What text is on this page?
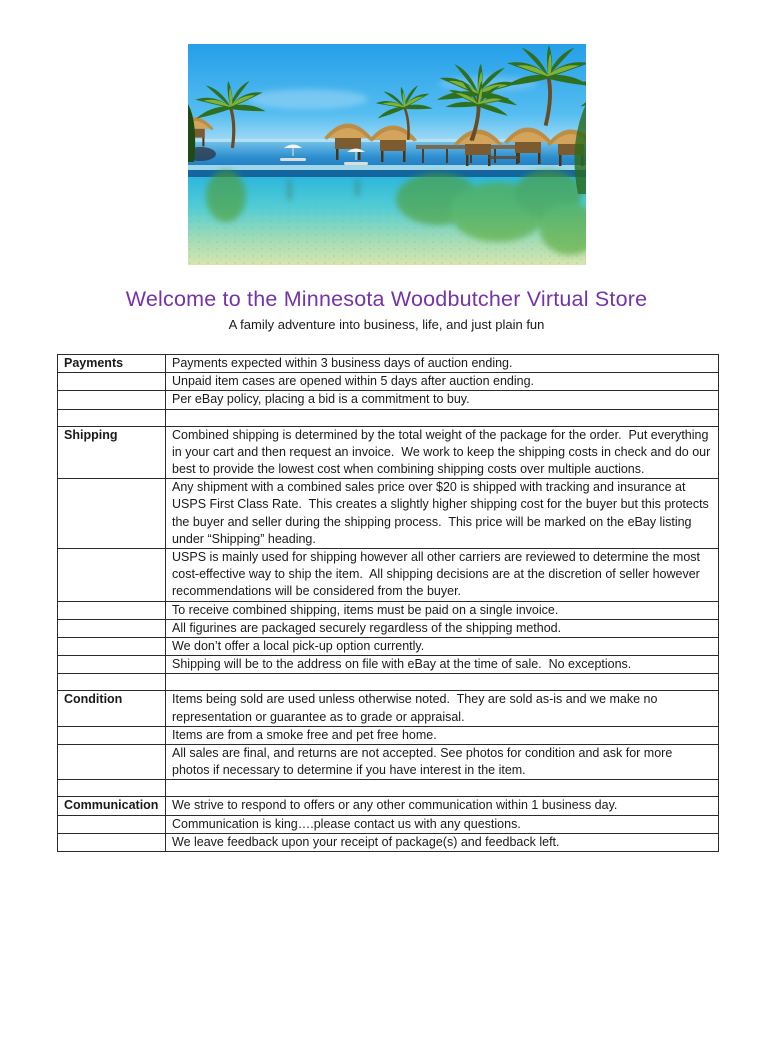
Welcome to the Minnesota Woodbutcher Virtual Store

A family adventure into business, life, and just plain fun

Payments	Payments expected within 3 business days of auction ending.
	Unpaid item cases are opened within 5 days after auction ending.
	Per eBay policy, placing a bid is a commitment to buy.

Shipping	Combined shipping is determined by the total weight of the package for the order.  Put everything in your cart and then request an invoice.  We work to keep the shipping costs in check and do our best to provide the lowest cost when combining shipping costs over multiple auctions.
	Any shipment with a combined sales price over $20 is shipped with tracking and insurance at USPS First Class Rate.  This creates a slightly higher shipping cost for the buyer but this protects the buyer and seller during the shipping process.  This price will be marked on the eBay listing under “Shipping” heading.
	USPS is mainly used for shipping however all other carriers are reviewed to determine the most cost-effective way to ship the item.  All shipping decisions are at the discretion of seller however recommendations will be considered from the buyer.
	To receive combined shipping, items must be paid on a single invoice.
	All figurines are packaged securely regardless of the shipping method.
	We don’t offer a local pick-up option currently.
	Shipping will be to the address on file with eBay at the time of sale.  No exceptions.

Condition	Items being sold are used unless otherwise noted.  They are sold as-is and we make no representation or guarantee as to grade or appraisal.
	Items are from a smoke free and pet free home.
	All sales are final, and returns are not accepted. See photos for condition and ask for more photos if necessary to determine if you have interest in the item.

Communication	We strive to respond to offers or any other communication within 1 business day.
	Communication is king….please contact us with any questions.
	We leave feedback upon your receipt of package(s) and feedback left.
